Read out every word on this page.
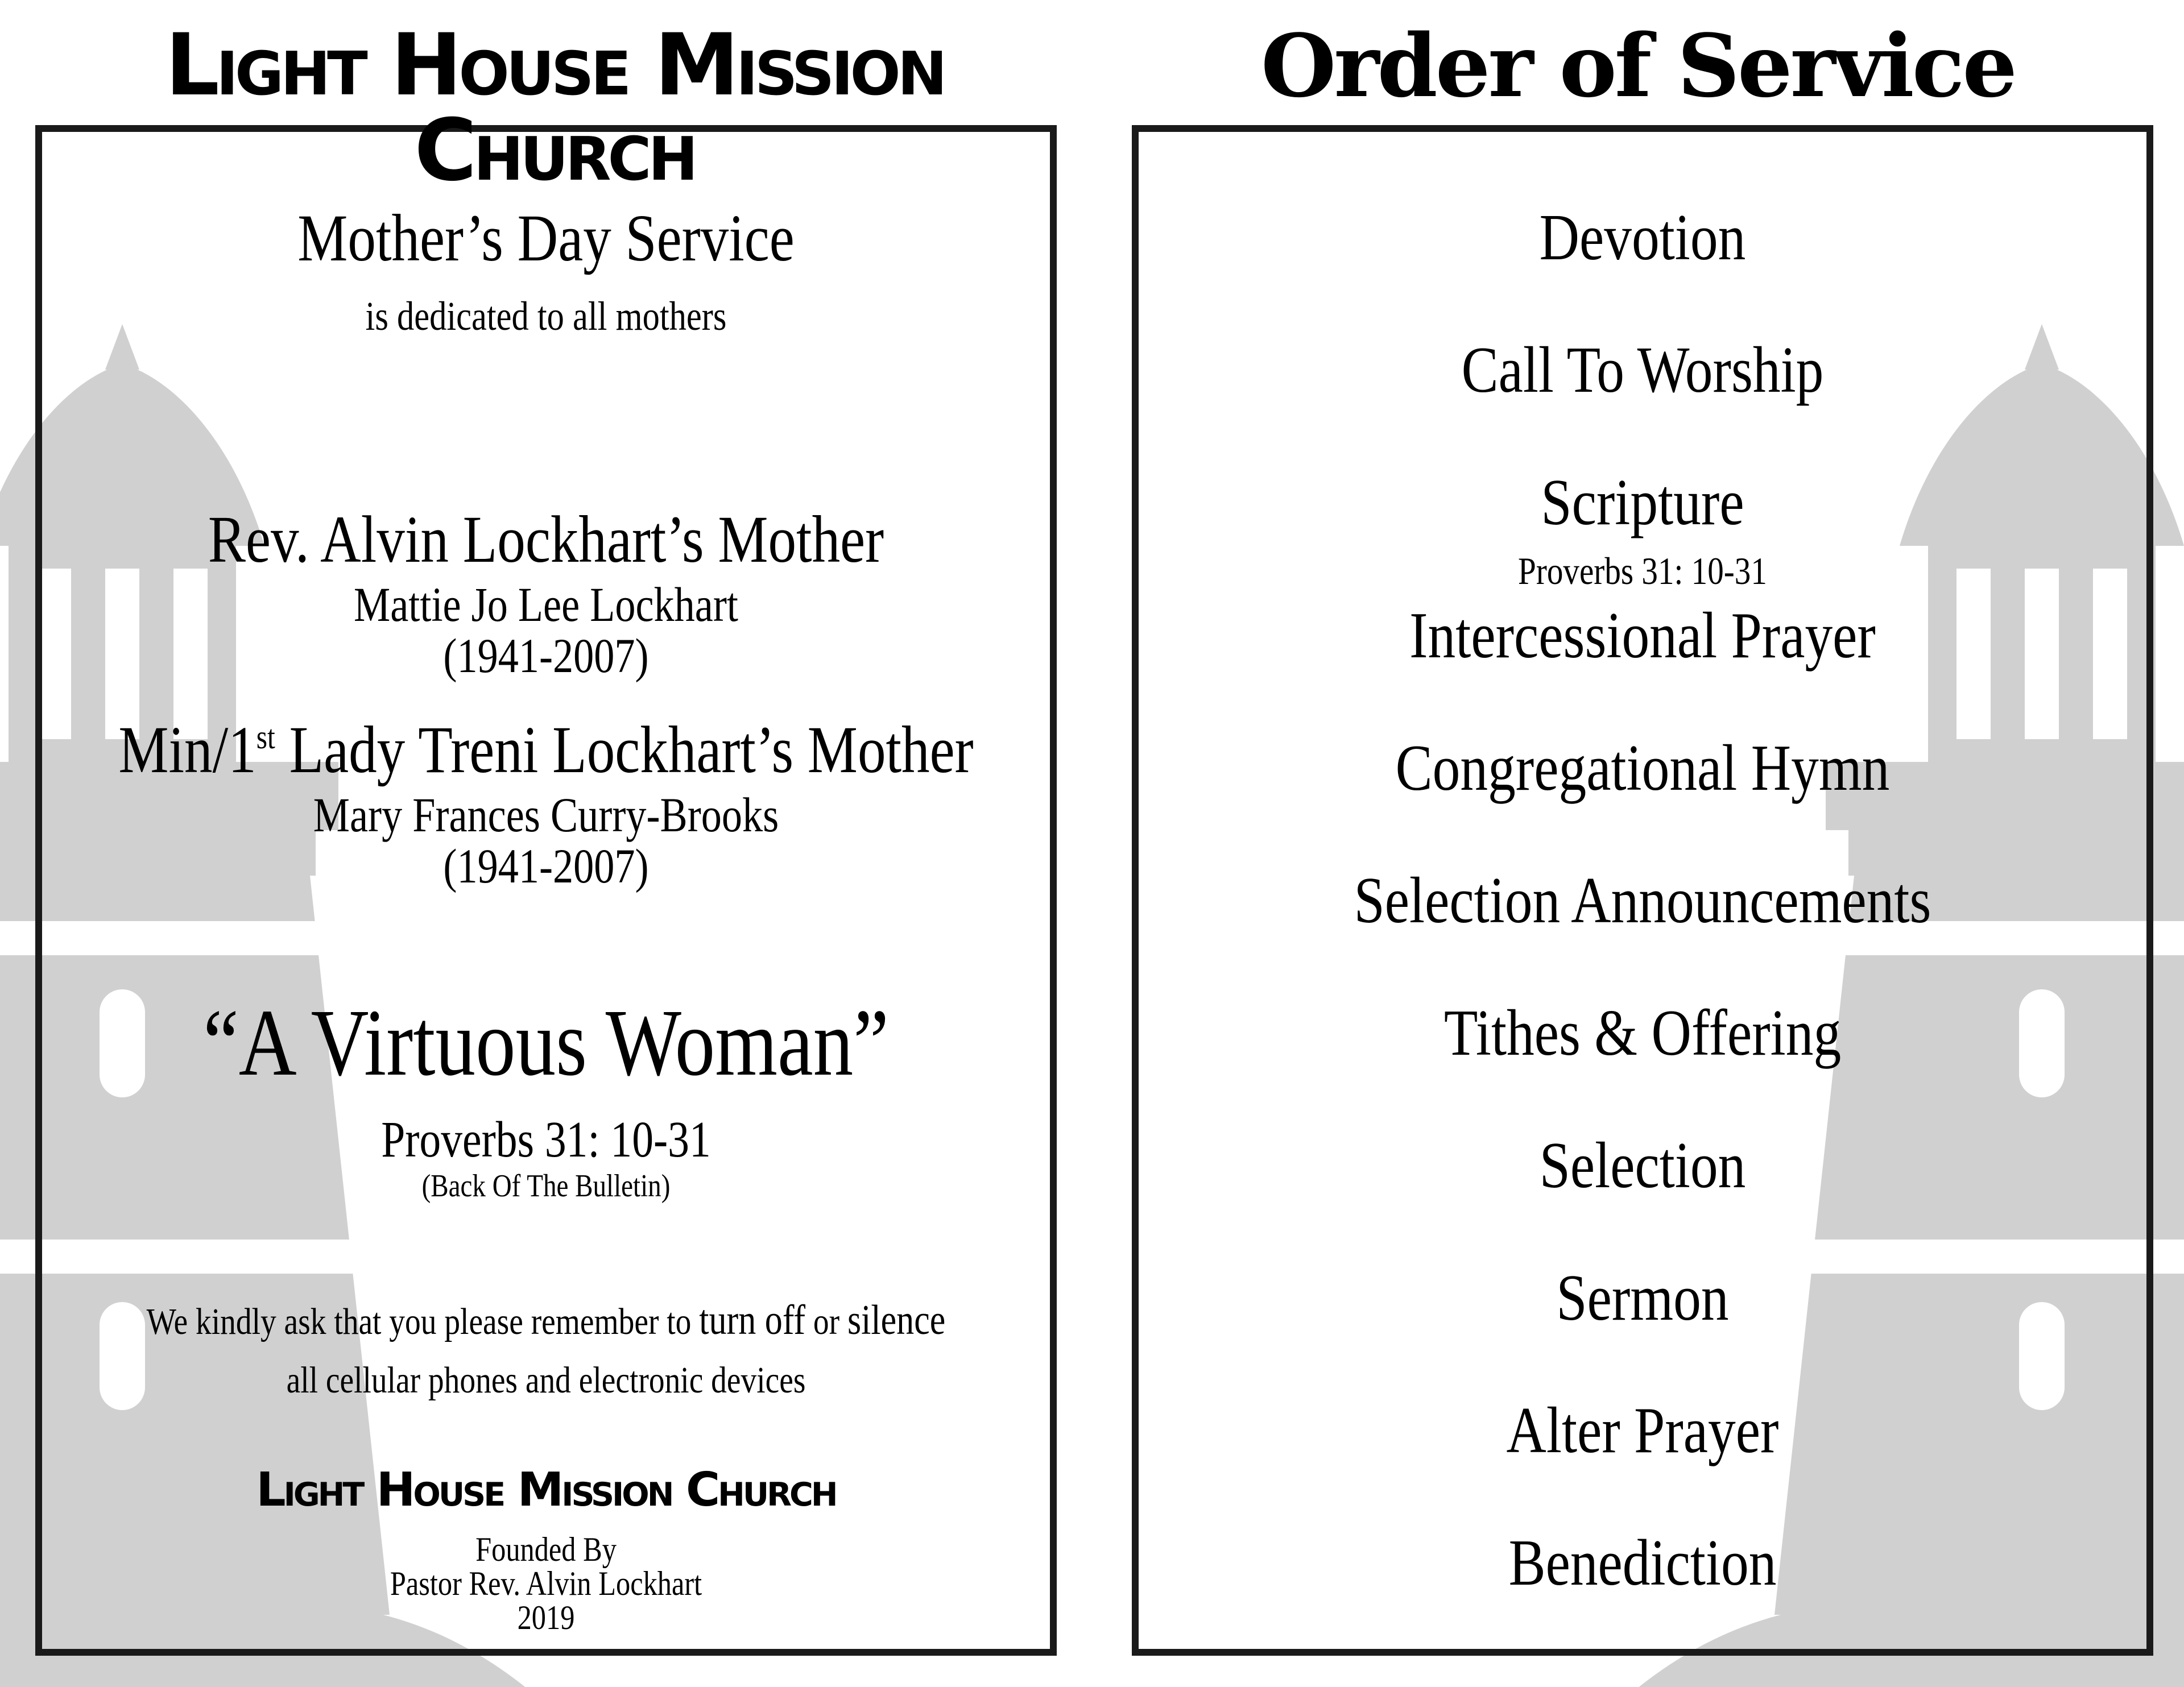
Light House Mission Church
Order of Service
Mother’s Day Service
is dedicated to all mothers
Rev. Alvin Lockhart’s Mother
Mattie Jo Lee Lockhart
(1941-2007)
Min/1st Lady Treni Lockhart’s Mother
Mary Frances Curry-Brooks
(1941-2007)
“A Virtuous Woman”
Proverbs 31: 10-31
(Back Of The Bulletin)
We kindly ask that you please remember to turn off or silence
all cellular phones and electronic devices
Light House Mission Church
Founded By
Pastor Rev. Alvin Lockhart
2019
Devotion
Call To Worship
Scripture
Proverbs 31: 10-31
Intercessional Prayer
Congregational Hymn
Selection Announcements
Tithes & Offering
Selection
Sermon
Alter Prayer
Benediction
